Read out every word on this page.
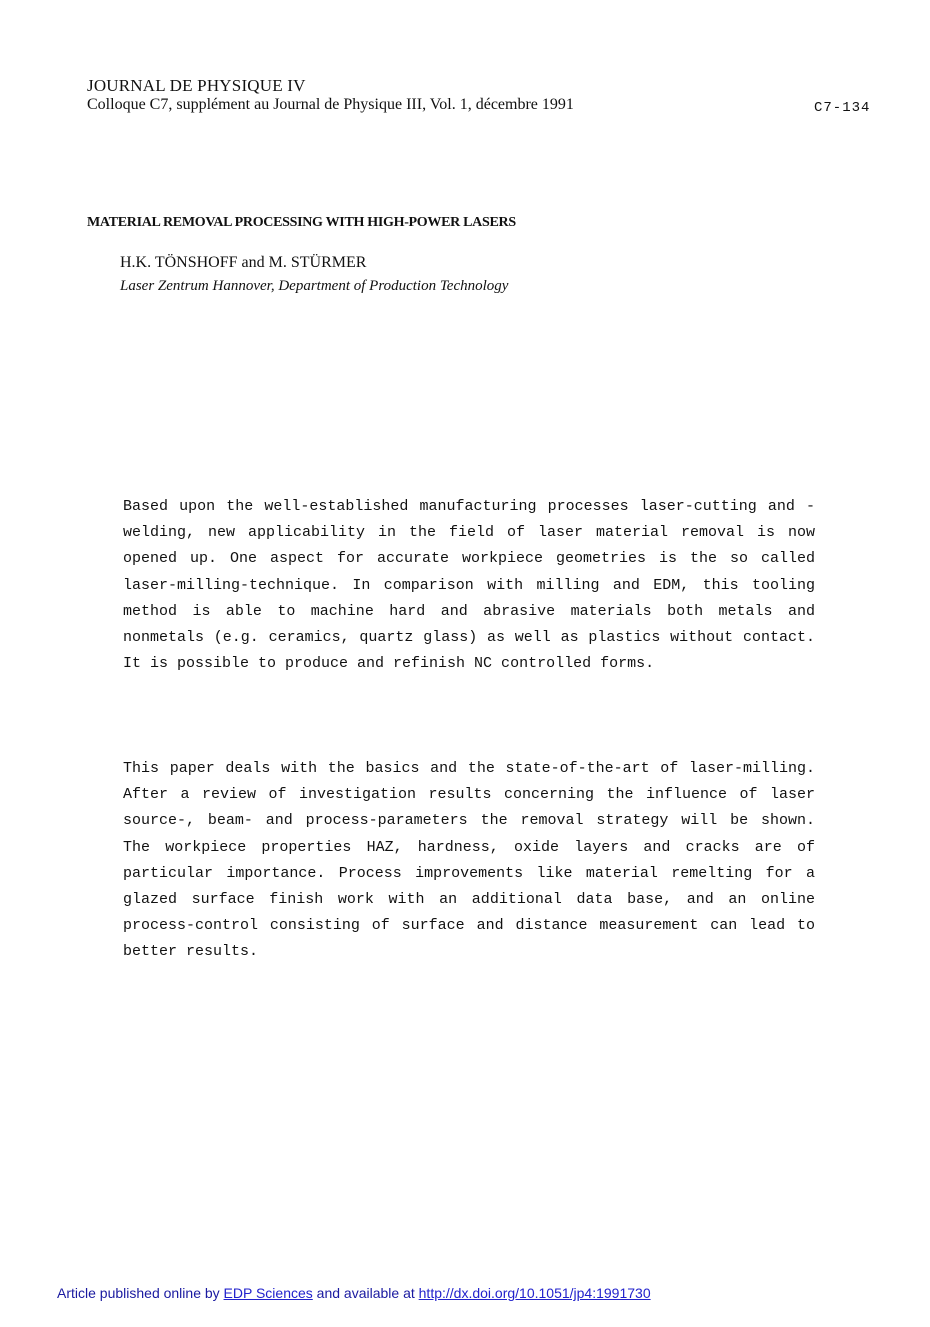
JOURNAL DE PHYSIQUE IV
Colloque C7, supplément au Journal de Physique III, Vol. 1, décembre 1991	C7-134
MATERIAL REMOVAL PROCESSING WITH HIGH-POWER LASERS
H.K. TÖNSHOFF and M. STÜRMER
Laser Zentrum Hannover, Department of Production Technology

Based upon the well-established manufacturing processes laser-cutting and -welding, new applicability in the field of laser material removal is now opened up. One aspect for accurate workpiece geometries is the so called laser-milling-technique. In comparison with milling and EDM, this tooling method is able to machine hard and abrasive materials both metals and nonmetals (e.g. ceramics, quartz glass) as well as plastics without contact. It is possible to produce and refinish NC controlled forms.

This paper deals with the basics and the state-of-the-art of laser-milling. After a review of investigation results concerning the influence of laser source-, beam- and process-parameters the removal strategy will be shown. The workpiece properties HAZ, hardness, oxide layers and cracks are of particular importance. Process improvements like material remelting for a glazed surface finish work with an additional data base, and an online process-control consisting of surface and distance measurement can lead to better results.

Article published online by EDP Sciences and available at http://dx.doi.org/10.1051/jp4:1991730
